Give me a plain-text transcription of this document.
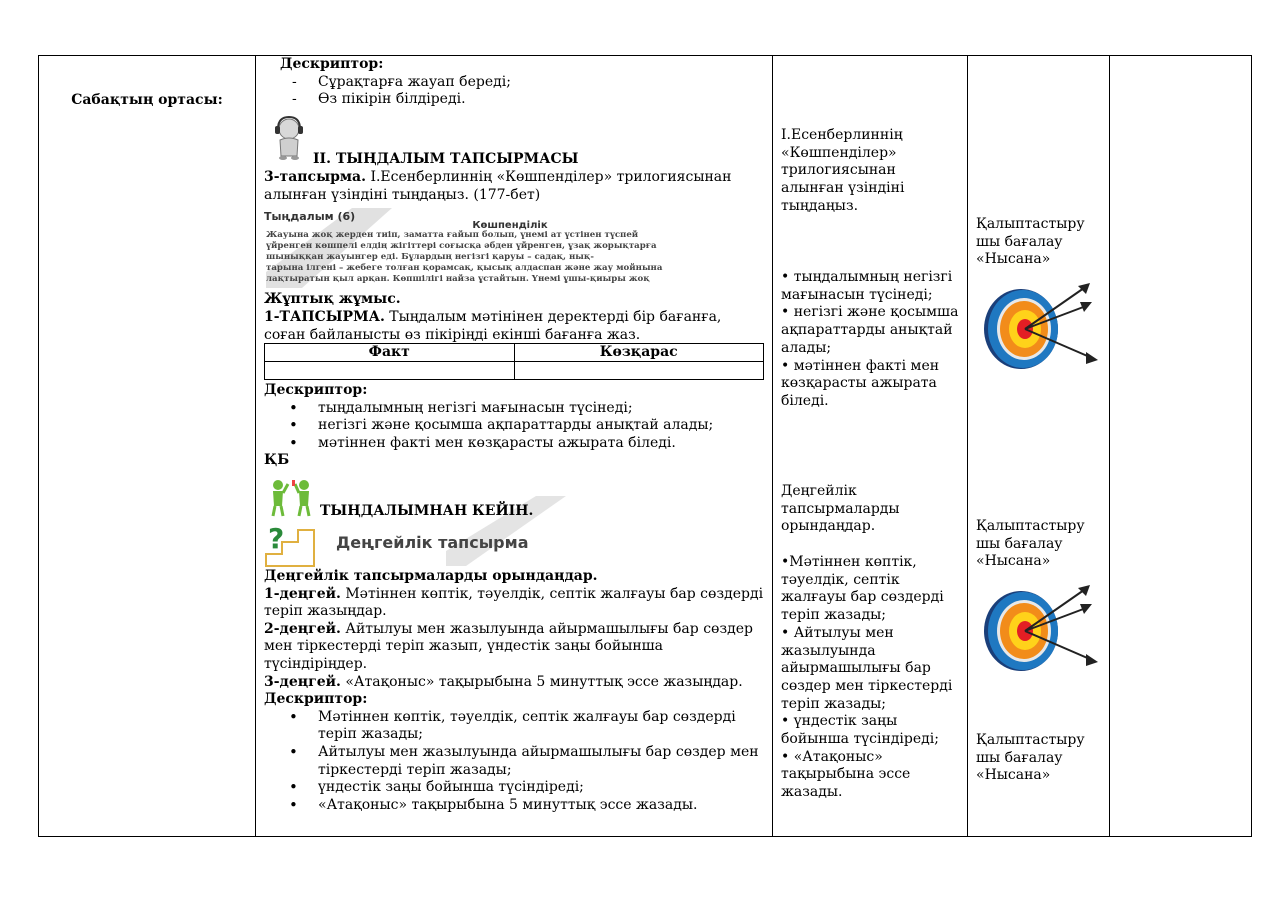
Сабақтың ортасы:

Дескриптор:
- Сұрақтарға жауап береді;
- Өз пікірін білдіреді.
II. ТЫҢДАЛЫМ ТАПСЫРМАСЫ
3-тапсырма. І.Есенберлиннің «Көшпенділер» трилогиясынан алынған үзіндіні тыңдаңыз. (177-бет)
Тыңдалым (6)
Көшпенділік
Жауына жоқ жерден тиіп, заматта ғайып болып, үнемі ат үстінен түспей
үйренген көшпелі елдің жігіттері соғысқа әбден үйренген, ұзақ жорықтарға
шыныққан жауынгер еді. Бұлардың негізгі қаруы – садақ, нық-
тарына ілгені – жебеге толған қорамсақ, қысық алдаспан және жау мойнына
лақтыратын қыл арқан. Көпшілігі найза ұстайтын. Үнемі ұшы-қиыры жоқ
Жұптық жұмыс.
1-ТАПСЫРМА. Тыңдалым мәтінінен деректерді бір бағанға, соған байланысты өз пікіріңді екінші бағанға жаз.
Факт	Көзқарас

Дескриптор:
• тыңдалымның негізгі мағынасын түсінеді;
• негізгі және қосымша ақпараттарды анықтай алады;
• мәтіннен фактi мен көзқарасты ажырата біледі.
ҚБ
ТЫҢДАЛЫМНАН КЕЙІН.
?	Деңгейлік тапсырма
Деңгейлік тапсырмаларды орындаңдар.
1-деңгей. Мәтіннен көптік, тәуелдік, септік жалғауы бар сөздерді теріп жазыңдар.
2-деңгей. Айтылуы мен жазылуында айырмашылығы бар сөздер мен тіркестерді теріп жазып, үндестік заңы бойынша түсіндіріңдер.
3-деңгей. «Атақоныс» тақырыбына 5 минуттық эссе жазыңдар.
Дескриптор:
• Мәтіннен көптік, тәуелдік, септік жалғауы бар сөздерді теріп жазады;
• Айтылуы мен жазылуында айырмашылығы бар сөздер мен тіркестерді теріп жазады;
• үндестік заңы бойынша түсіндіреді;
• «Атақоныс» тақырыбына 5 минуттық эссе жазады.

І.Есенберлиннің «Көшпенділер» трилогиясынан алынған үзіндіні тыңдаңыз.
• тыңдалымның негізгі мағынасын түсінеді;
• негізгі және қосымша ақпараттарды анықтай алады;
• мәтіннен фактi мен көзқарасты ажырата біледі.
Деңгейлік тапсырмаларды орындаңдар.
•Мәтіннен көптік, тәуелдік, септік жалғауы бар сөздерді теріп жазады;
• Айтылуы мен жазылуында айырмашылығы бар сөздер мен тіркестерді теріп жазады;
• үндестік заңы бойынша түсіндіреді;
• «Атақоныс» тақырыбына эссе жазады.

Қалыптастыру шы бағалау «Нысана»
Қалыптастыру шы бағалау «Нысана»
Қалыптастыру шы бағалау «Нысана»
